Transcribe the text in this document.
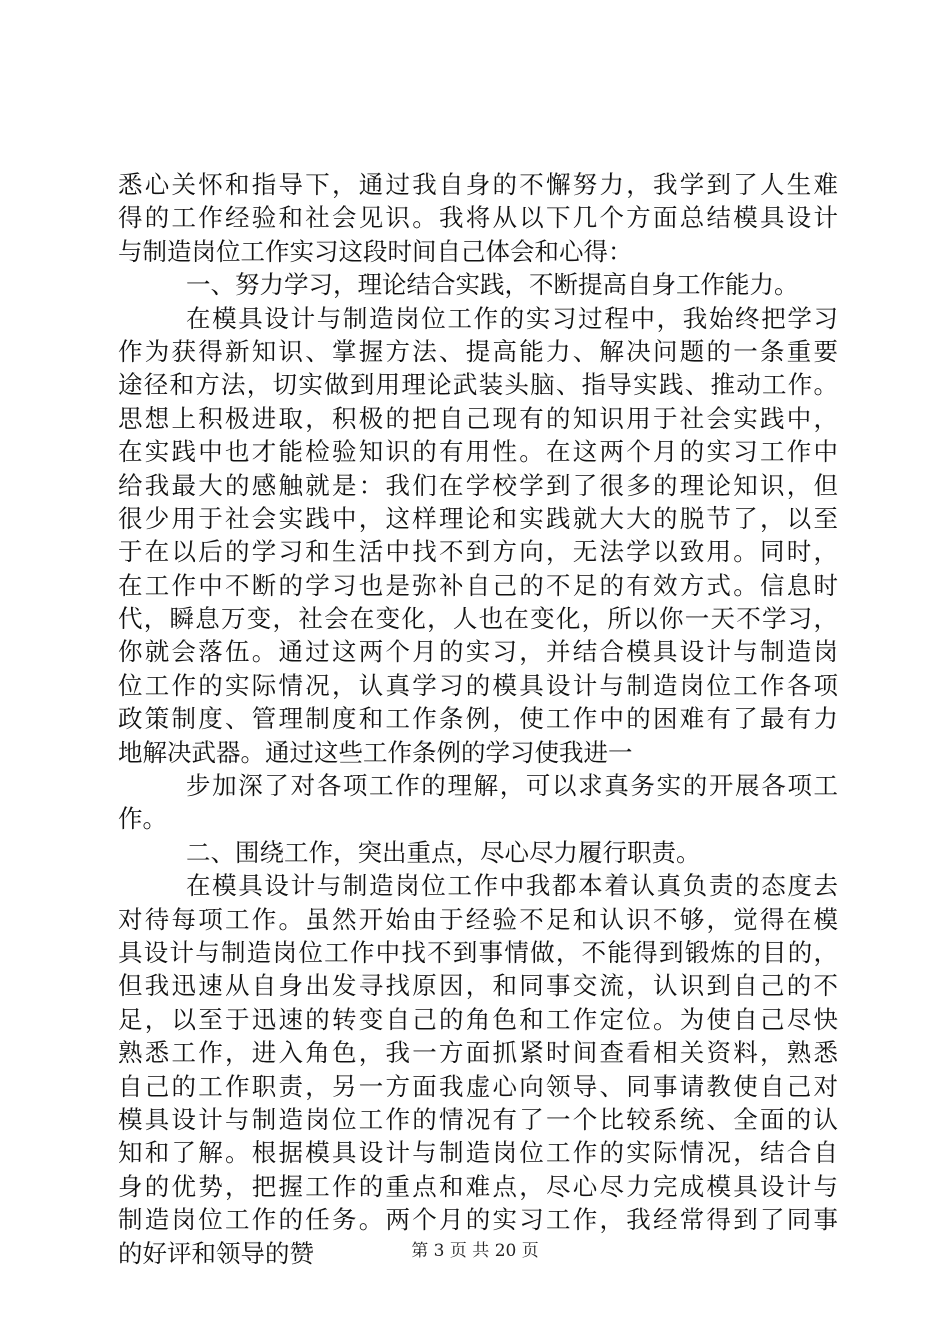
悉心关怀和指导下，通过我自身的不懈努力，我学到了人生难
得的工作经验和社会见识。我将从以下几个方面总结模具设计
与制造岗位工作实习这段时间自己体会和心得：
一、努力学习，理论结合实践，不断提高自身工作能力。
在模具设计与制造岗位工作的实习过程中，我始终把学习
作为获得新知识、掌握方法、提高能力、解决问题的一条重要
途径和方法，切实做到用理论武装头脑、指导实践、推动工作。
思想上积极进取，积极的把自己现有的知识用于社会实践中，
在实践中也才能检验知识的有用性。在这两个月的实习工作中
给我最大的感触就是：我们在学校学到了很多的理论知识，但
很少用于社会实践中，这样理论和实践就大大的脱节了，以至
于在以后的学习和生活中找不到方向，无法学以致用。同时，
在工作中不断的学习也是弥补自己的不足的有效方式。信息时
代，瞬息万变，社会在变化，人也在变化，所以你一天不学习，
你就会落伍。通过这两个月的实习，并结合模具设计与制造岗
位工作的实际情况，认真学习的模具设计与制造岗位工作各项
政策制度、管理制度和工作条例，使工作中的困难有了最有力
地解决武器。通过这些工作条例的学习使我进一
步加深了对各项工作的理解，可以求真务实的开展各项工
作。
二、围绕工作，突出重点，尽心尽力履行职责。
在模具设计与制造岗位工作中我都本着认真负责的态度去
对待每项工作。虽然开始由于经验不足和认识不够，觉得在模
具设计与制造岗位工作中找不到事情做，不能得到锻炼的目的，
但我迅速从自身出发寻找原因，和同事交流，认识到自己的不
足，以至于迅速的转变自己的角色和工作定位。为使自己尽快
熟悉工作，进入角色，我一方面抓紧时间查看相关资料，熟悉
自己的工作职责，另一方面我虚心向领导、同事请教使自己对
模具设计与制造岗位工作的情况有了一个比较系统、全面的认
知和了解。根据模具设计与制造岗位工作的实际情况，结合自
身的优势，把握工作的重点和难点，尽心尽力完成模具设计与
制造岗位工作的任务。两个月的实习工作，我经常得到了同事
的好评和领导的赞	第 3 页 共 20 页
